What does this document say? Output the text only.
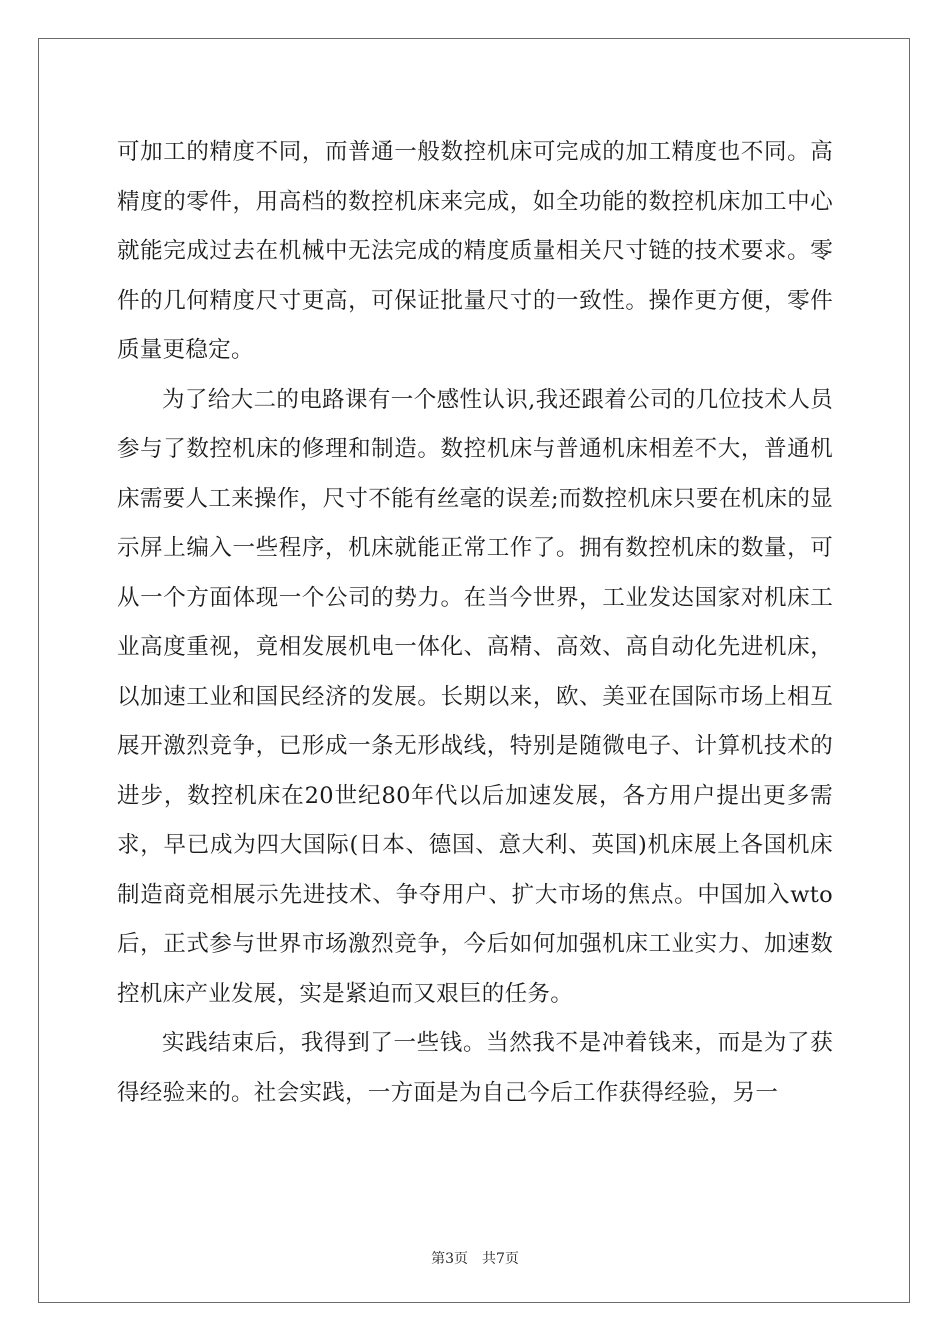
可加工的精度不同，而普通一般数控机床可完成的加工精度也不同。高精度的零件，用高档的数控机床来完成，如全功能的数控机床加工中心就能完成过去在机械中无法完成的精度质量相关尺寸链的技术要求。零件的几何精度尺寸更高，可保证批量尺寸的一致性。操作更方便，零件质量更稳定。

为了给大二的电路课有一个感性认识,我还跟着公司的几位技术人员参与了数控机床的修理和制造。数控机床与普通机床相差不大，普通机床需要人工来操作，尺寸不能有丝毫的误差;而数控机床只要在机床的显示屏上编入一些程序，机床就能正常工作了。拥有数控机床的数量，可从一个方面体现一个公司的势力。在当今世界，工业发达国家对机床工业高度重视，竟相发展机电一体化、高精、高效、高自动化先进机床，以加速工业和国民经济的发展。长期以来，欧、美亚在国际市场上相互展开激烈竞争，已形成一条无形战线，特别是随微电子、计算机技术的进步，数控机床在20世纪80年代以后加速发展，各方用户提出更多需求，早已成为四大国际(日本、德国、意大利、英国)机床展上各国机床制造商竞相展示先进技术、争夺用户、扩大市场的焦点。中国加入wto后，正式参与世界市场激烈竞争，今后如何加强机床工业实力、加速数控机床产业发展，实是紧迫而又艰巨的任务。

实践结束后，我得到了一些钱。当然我不是冲着钱来，而是为了获得经验来的。社会实践，一方面是为自己今后工作获得经验，另一

第3页 共7页
